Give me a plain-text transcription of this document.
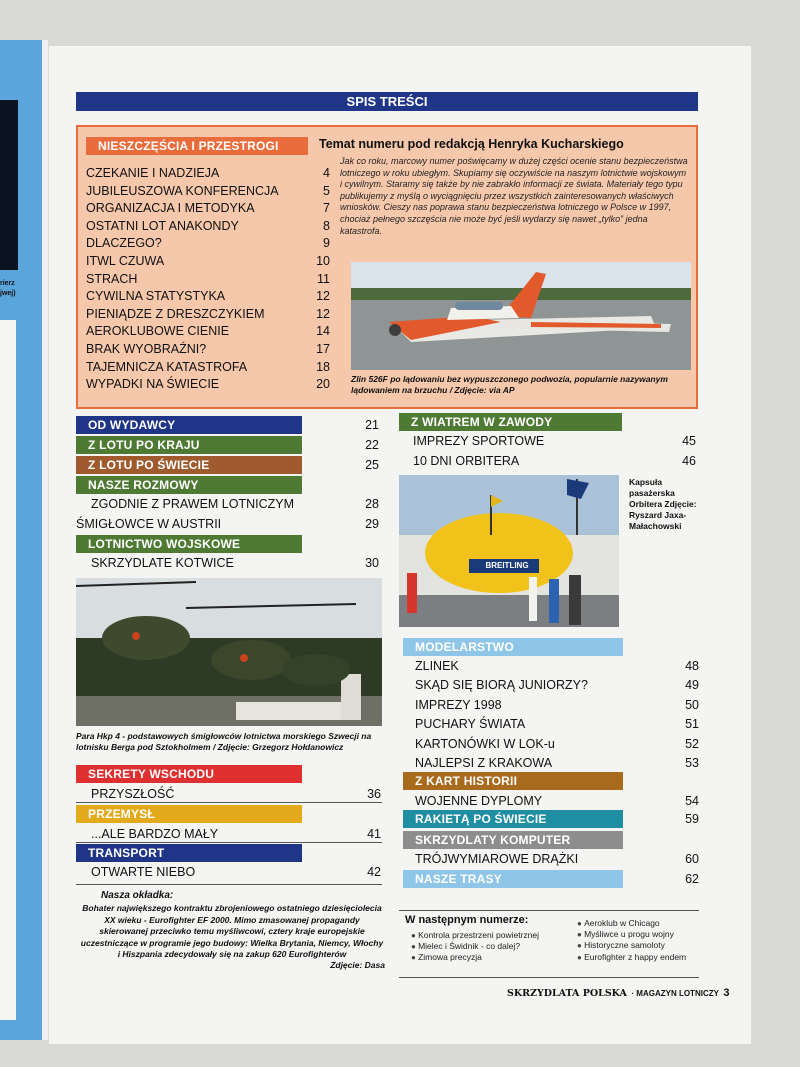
rierz
jwej)
SPIS TREŚCI
NIESZCZĘŚCIA I PRZESTROGI	Temat numeru pod redakcją Henryka Kucharskiego
Jak co roku, marcowy numer poświęcamy w dużej części ocenie stanu bezpieczeństwa lotniczego w roku ubiegłym. Skupiamy się oczywiście na naszym lotnictwie wojskowym i cywilnym. Staramy się także by nie zabrakło informacji ze świata. Materiały tego typu publikujemy z myślą o wyciągnięciu przez wszystkich zainteresowanych właściwych wniosków. Cieszy nas poprawa stanu bezpieczeństwa lotniczego w Polsce w 1997, chociaż pełnego szczęścia nie może być jeśli wydarzy się nawet „tylko” jedna katastrofa.
CZEKANIE I NADZIEJA	4
JUBILEUSZOWA KONFERENCJA	5
ORGANIZACJA I METODYKA	7
OSTATNI LOT ANAKONDY	8
DLACZEGO?	9
ITWL CZUWA	10
STRACH	11
CYWILNA STATYSTYKA	12
PIENIĄDZE Z DRESZCZYKIEM	12
AEROKLUBOWE CIENIE	14
BRAK WYOBRAŹNI?	17
TAJEMNICZA KATASTROFA	18
WYPADKI NA ŚWIECIE	20 Zlin 526F po lądowaniu bez wypuszczonego podwozia, popularnie nazywanym lądowaniem na brzuchu / Zdjęcie: via AP
OD WYDAWCY	21
Z LOTU PO KRAJU	22
Z LOTU PO ŚWIECIE	25
NASZE ROZMOWY
ZGODNIE Z PRAWEM LOTNICZYM	28
ŚMIGŁOWCE W AUSTRII	29
LOTNICTWO WOJSKOWE
SKRZYDLATE KOTWICE	30
Para Hkp 4 - podstawowych śmigłowców lotnictwa morskiego Szwecji na lotnisku Berga pod Sztokholmem / Zdjęcie: Grzegorz Hołdanowicz
SEKRETY WSCHODU
PRZYSZŁOŚĆ	36
PRZEMYSŁ
...ALE BARDZO MAŁY	41
TRANSPORT
OTWARTE NIEBO	42
Nasza okładka:
Bohater największego kontraktu zbrojeniowego ostatniego dziesięciolecia XX wieku - Eurofighter EF 2000. Mimo zmasowanej propagandy skierowanej przeciwko temu myśliwcowi, cztery kraje europejskie uczestniczące w programie jego budowy: Wielka Brytania, Niemcy, Włochy i Hiszpania zdecydowały się na zakup 620 Eurofighterów
Zdjęcie: Dasa
Z WIATREM W ZAWODY
IMPREZY SPORTOWE	45
10 DNI ORBITERA	46
BREITLING
Kapsuła pasażerska Orbitera Zdjęcie: Ryszard Jaxa-Małachowski
MODELARSTWO
ZLINEK	48
SKĄD SIĘ BIORĄ JUNIORZY?	49
IMPREZY 1998	50
PUCHARY ŚWIATA	51
KARTONÓWKI W LOK-u	52
NAJLEPSI Z KRAKOWA	53
Z KART HISTORII
WOJENNE DYPLOMY	54
RAKIETĄ PO ŚWIECIE	59
SKRZYDLATY KOMPUTER
TRÓJWYMIAROWE DRĄŻKI	60
NASZE TRASY	62
W następnym numerze:
● Kontrola przestrzeni powietrznej
● Mielec i Świdnik - co dalej?
● Zimowa precyzja
● Aeroklub w Chicago
● Myśliwce u progu wojny
● Historyczne samoloty
● Eurofighter z happy endem
SKRZYDLATA POLSKA · MAGAZYN LOTNICZY 3
